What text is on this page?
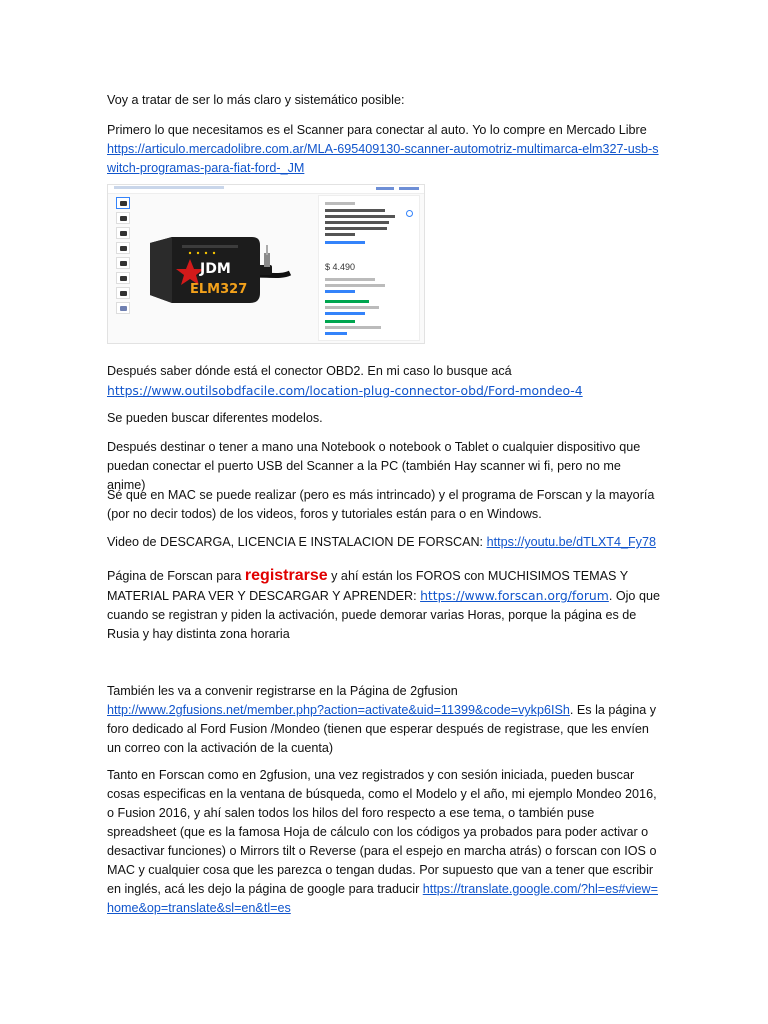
Voy a tratar de ser lo más claro y sistemático posible:

Primero lo que necesitamos es el Scanner para conectar al auto. Yo lo compre en Mercado Libre
https://articulo.mercadolibre.com.ar/MLA-695409130-scanner-automotriz-multimarca-elm327-usb-switch-programas-para-fiat-ford-_JM

Después saber dónde está el conector OBD2. En mi caso lo busque acá
https://www.outilsobdfacile.com/location-plug-connector-obd/Ford-mondeo-4

Se pueden buscar diferentes modelos.

Después destinar o tener a mano una Notebook o notebook o Tablet o cualquier dispositivo que puedan conectar el puerto USB del Scanner a la PC (también Hay scanner wi fi, pero no me anime)

Sé que en MAC se puede realizar (pero es más intrincado) y el programa de Forscan y la mayoría (por no decir todos) de los videos, foros y tutoriales están para o en Windows.

Video de DESCARGA, LICENCIA E INSTALACION DE FORSCAN: https://youtu.be/dTLXT4_Fy78

Página de Forscan para registrarse y ahí están los FOROS con MUCHISIMOS TEMAS Y MATERIAL PARA VER Y DESCARGAR Y APRENDER: https://www.forscan.org/forum. Ojo que cuando se registran y piden la activación, puede demorar varias Horas, porque la página es de Rusia y hay distinta zona horaria

También les va a convenir registrarse en la Página de 2gfusion
http://www.2gfusions.net/member.php?action=activate&uid=11399&code=vykp6ISh. Es la página y foro dedicado al Ford Fusion /Mondeo (tienen que esperar después de registrase, que les envíen un correo con la activación de la cuenta)

Tanto en Forscan como en 2gfusion, una vez registrados y con sesión iniciada, pueden buscar cosas especificas en la ventana de búsqueda, como el Modelo y el año, mi ejemplo Mondeo 2016, o Fusion 2016, y ahí salen todos los hilos del foro respecto a ese tema, o también puse spreadsheet (que es la famosa Hoja de cálculo con los códigos ya probados para poder activar o desactivar funciones) o Mirrors tilt o Reverse (para el espejo en marcha atrás) o forscan con IOS o MAC y cualquier cosa que les parezca o tengan dudas. Por supuesto que van a tener que escribir en inglés, acá les dejo la página de google para traducir https://translate.google.com/?hl=es#view=home&op=translate&sl=en&tl=es

JDM
ELM327
$ 4.490
